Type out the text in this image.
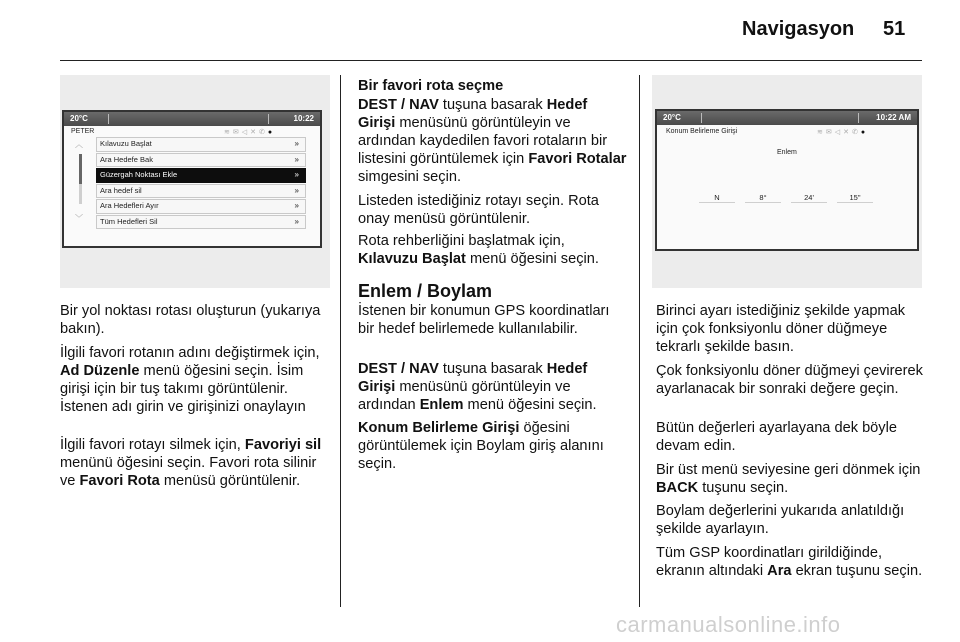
Navigasyon 51
20°C	10:22
PETER	≋✉◁✕✆●
︿
﹀
Kılavuzu Başlat	»
Ara Hedefe Bak	»
Güzergah Noktası Ekle	»
Ara hedef sil	»
Ara Hedefleri Ayır	»
Tüm Hedefleri Sil	»
20°C	10:22 AM
Konum Belirleme Girişi	≋✉◁✕✆●
Enlem
N	8°	24'	15"
Bir yol noktası rotası oluşturun (yukarıya bakın).
İlgili favori rotanın adını değiştirmek için, Ad Düzenle menü öğesini seçin. İsim girişi için bir tuş takımı görüntülenir. İstenen adı girin ve girişinizi onaylayın
İlgili favori rotayı silmek için, Favoriyi sil menünü öğesini seçin. Favori rota silinir ve Favori Rota menüsü görüntülenir.
Bir favori rota seçme
DEST / NAV tuşuna basarak Hedef Girişi menüsünü görüntüleyin ve ardından kaydedilen favori rotaların bir listesini görüntülemek için Favori Rotalar simgesini seçin.
Listeden istediğiniz rotayı seçin. Rota onay menüsü görüntülenir.
Rota rehberliğini başlatmak için, Kılavuzu Başlat menü öğesini seçin.
Enlem / Boylam
İstenen bir konumun GPS koordinatları bir hedef belirlemede kullanılabilir.
DEST / NAV tuşuna basarak Hedef Girişi menüsünü görüntüleyin ve ardından Enlem menü öğesini seçin.
Konum Belirleme Girişi öğesini görüntülemek için Boylam giriş alanını seçin.
Birinci ayarı istediğiniz şekilde yapmak için çok fonksiyonlu döner düğmeye tekrarlı şekilde basın.
Çok fonksiyonlu döner düğmeyi çevirerek ayarlanacak bir sonraki değere geçin.
Bütün değerleri ayarlayana dek böyle devam edin.
Bir üst menü seviyesine geri dönmek için BACK tuşunu seçin.
Boylam değerlerini yukarıda anlatıldığı şekilde ayarlayın.
Tüm GSP koordinatları girildiğinde, ekranın altındaki Ara ekran tuşunu seçin.
carmanualsonline.info
